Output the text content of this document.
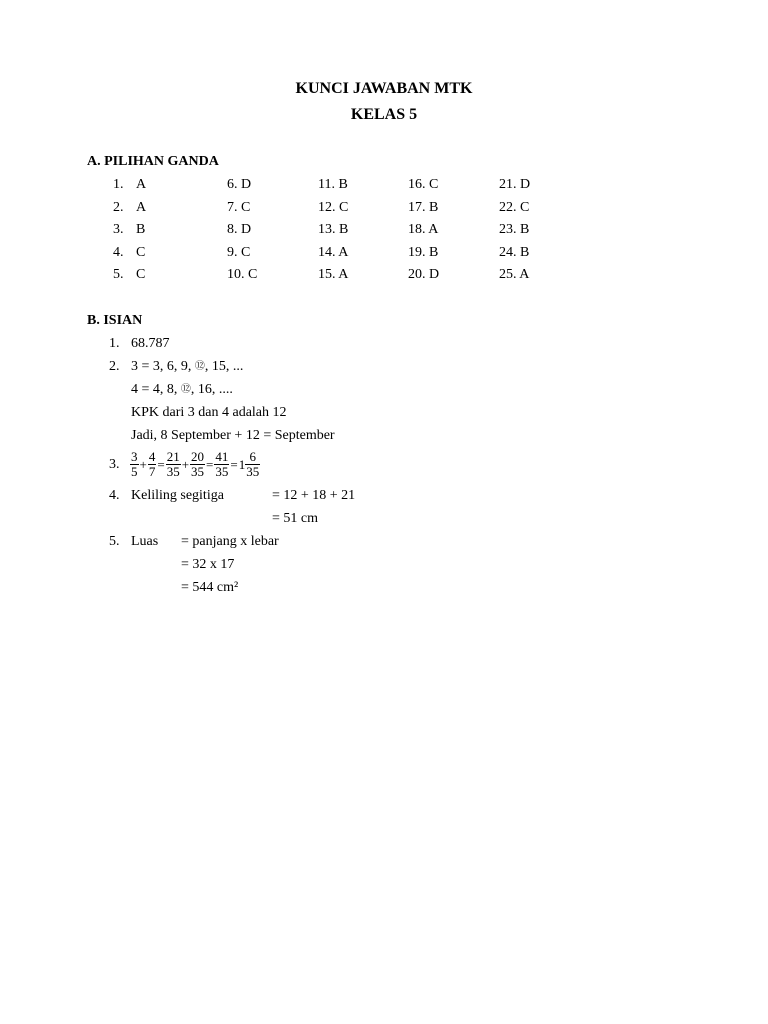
KUNCI JAWABAN MTK
KELAS 5
A. PILIHAN GANDA
1. A	6. D	11. B	16. C	21. D
2. A	7. C	12. C	17. B	22. C
3. B	8. D	13. B	18. A	23. B
4. C	9. C	14. A	19. B	24. B
5. C	10. C	15. A	20. D	25. A
B. ISIAN
1. 68.787
2. 3 = 3, 6, 9, ⑫, 15, ...
4 = 4, 8, ⑫, 16, ....
KPK dari 3 dan 4 adalah 12
Jadi, 8 September + 12 = September
3. $\frac{3}{5} + \frac{4}{7} = \frac{21}{35} + \frac{20}{35} = \frac{41}{35} =1 \frac{6}{35}$
4. Keliling segitiga	= 12 + 18 + 21
= 51 cm
5. Luas = panjang x lebar
= 32 x 17
= 544 cm²
